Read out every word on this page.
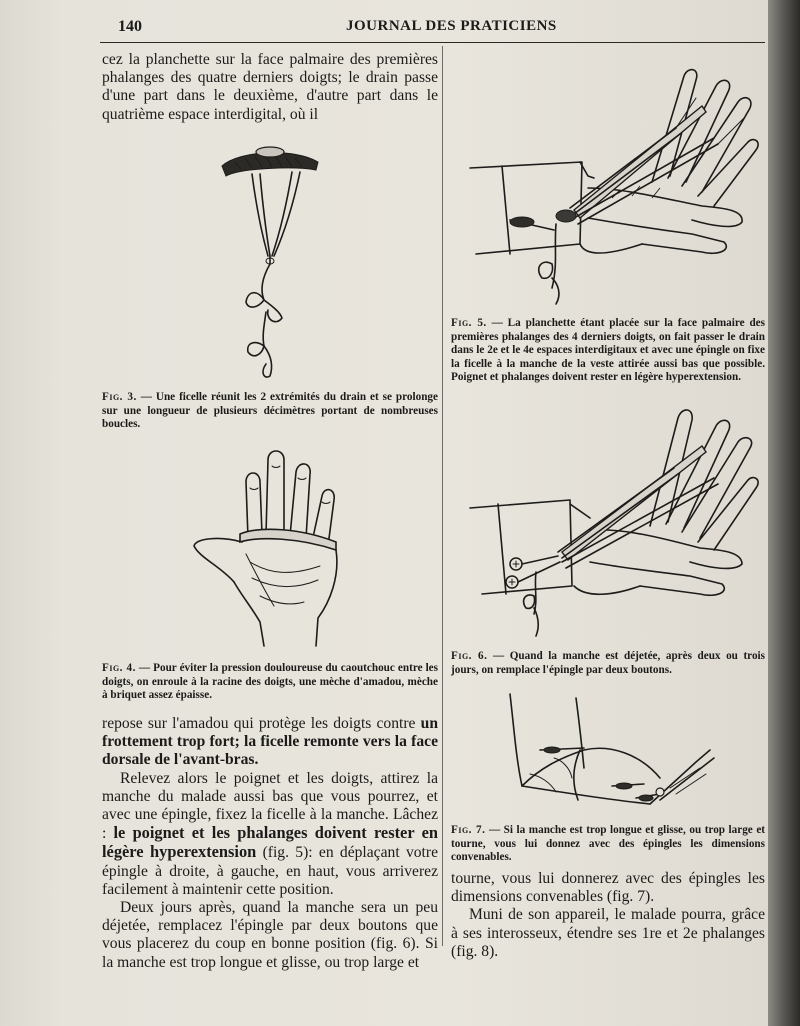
140	JOURNAL DES PRATICIENS

cez la planchette sur la face palmaire des premières phalanges des quatre derniers doigts; le drain passe d'une part dans le deuxième, d'autre part dans le quatrième espace interdigital, où il

Fig. 3. — Une ficelle réunit les 2 extrémités du drain et se prolonge sur une longueur de plusieurs décimètres portant de nombreuses boucles.

Fig. 4. — Pour éviter la pression douloureuse du caoutchouc entre les doigts, on enroule à la racine des doigts, une mèche d'amadou, mèche à briquet assez épaisse.

repose sur l'amadou qui protège les doigts contre un frottement trop fort; la ficelle remonte vers la face dorsale de l'avant-bras.

Relevez alors le poignet et les doigts, attirez la manche du malade aussi bas que vous pourrez, et avec une épingle, fixez la ficelle à la manche. Lâchez : le poignet et les phalanges doivent rester en légère hyperextension (fig. 5): en déplaçant votre épingle à droite, à gauche, en haut, vous arriverez facilement à maintenir cette position.

Deux jours après, quand la manche sera un peu déjetée, remplacez l'épingle par deux boutons que vous placerez du coup en bonne position (fig. 6). Si la manche est trop longue et glisse, ou trop large et

Fig. 5. — La planchette étant placée sur la face palmaire des premières phalanges des 4 derniers doigts, on fait passer le drain dans le 2e et le 4e espaces interdigitaux et avec une épingle on fixe la ficelle à la manche de la veste attirée aussi bas que possible. Poignet et phalanges doivent rester en légère hyperextension.

Fig. 6. — Quand la manche est déjetée, après deux ou trois jours, on remplace l'épingle par deux boutons.

Fig. 7. — Si la manche est trop longue et glisse, ou trop large et tourne, vous lui donnez avec des épingles les dimensions convenables.

tourne, vous lui donnerez avec des épingles les dimensions convenables (fig. 7).

Muni de son appareil, le malade pourra, grâce à ses interosseux, étendre ses 1re et 2e phalanges (fig. 8).
